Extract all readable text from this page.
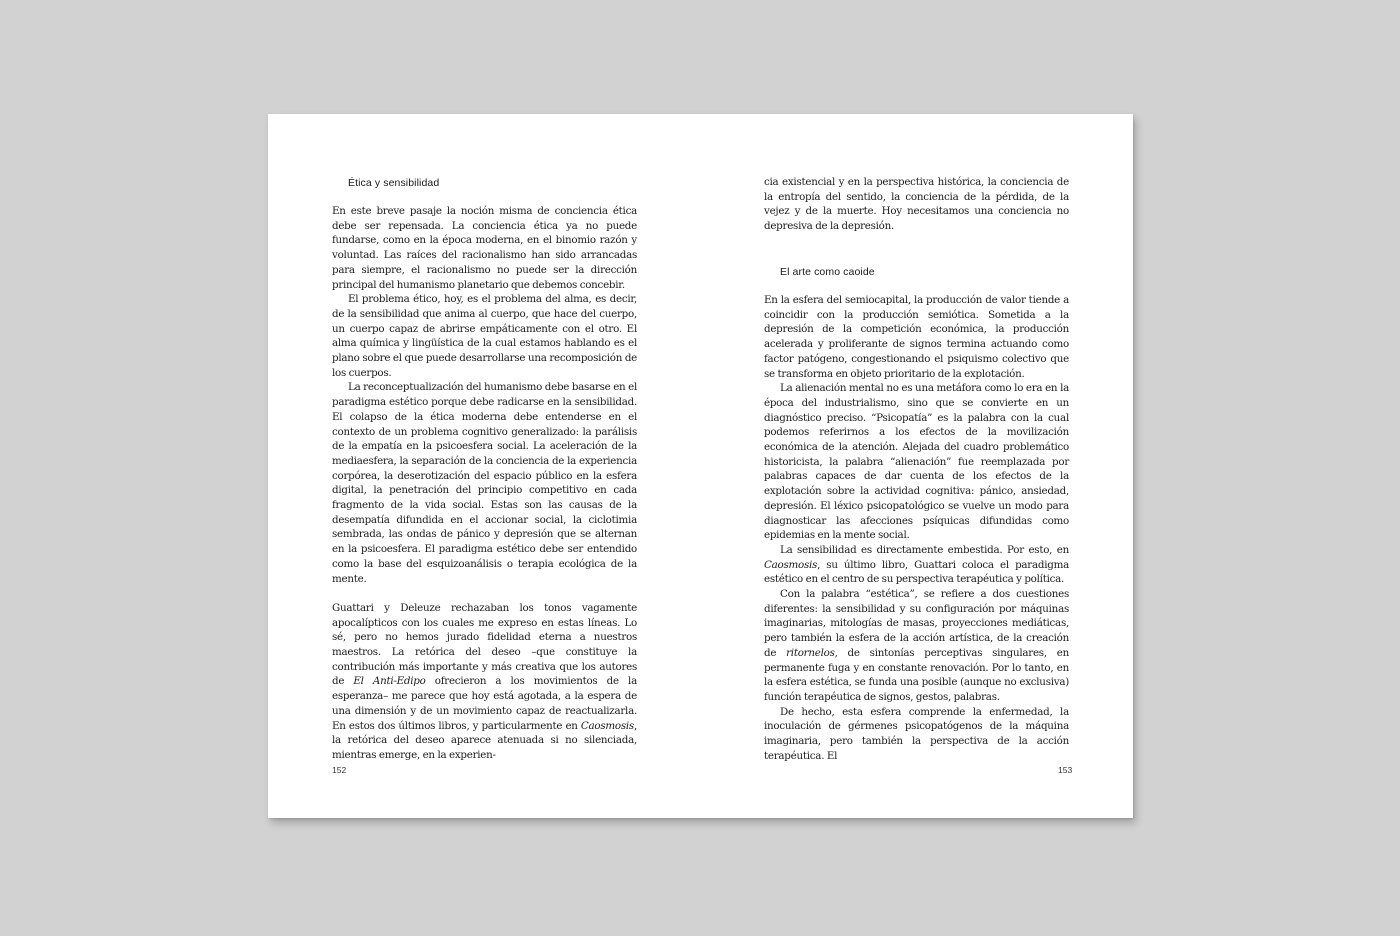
Ética y sensibilidad

En este breve pasaje la noción misma de conciencia ética debe ser repensada. La conciencia ética ya no puede fundarse, como en la época moderna, en el binomio razón y voluntad. Las raíces del racionalismo han sido arrancadas para siempre, el racionalismo no puede ser la dirección principal del humanismo planetario que debemos concebir.

El problema ético, hoy, es el problema del alma, es decir, de la sensibilidad que anima al cuerpo, que hace del cuerpo, un cuerpo capaz de abrirse empáticamente con el otro. El alma química y lingüística de la cual estamos hablando es el plano sobre el que puede desarrollarse una recomposición de los cuerpos.

La reconceptualización del humanismo debe basarse en el paradigma estético porque debe radicarse en la sensibilidad. El colapso de la ética moderna debe entenderse en el contexto de un problema cognitivo generalizado: la parálisis de la empatía en la psicoesfera social. La aceleración de la mediaesfera, la separación de la conciencia de la experiencia corpórea, la deserotización del espacio público en la esfera digital, la penetración del principio competitivo en cada fragmento de la vida social. Estas son las causas de la desempatía difundida en el accionar social, la ciclotimia sembrada, las ondas de pánico y depresión que se alternan en la psicoesfera. El paradigma estético debe ser entendido como la base del esquizoanálisis o terapia ecológica de la mente.

Guattari y Deleuze rechazaban los tonos vagamente apocalípticos con los cuales me expreso en estas líneas. Lo sé, pero no hemos jurado fidelidad eterna a nuestros maestros. La retórica del deseo –que constituye la contribución más importante y más creativa que los autores de El Anti-Edipo ofrecieron a los movimientos de la esperanza– me parece que hoy está agotada, a la espera de una dimensión y de un movimiento capaz de reactualizarla. En estos dos últimos libros, y particularmente en Caosmosis, la retórica del deseo aparece atenuada si no silenciada, mientras emerge, en la experien-

152

cia existencial y en la perspectiva histórica, la conciencia de la entropía del sentido, la conciencia de la pérdida, de la vejez y de la muerte. Hoy necesitamos una conciencia no depresiva de la depresión.

El arte como caoide

En la esfera del semiocapital, la producción de valor tiende a coincidir con la producción semiótica. Sometida a la depresión de la competición económica, la producción acelerada y proliferante de signos termina actuando como factor patógeno, congestionando el psiquismo colectivo que se transforma en objeto prioritario de la explotación.

La alienación mental no es una metáfora como lo era en la época del industrialismo, sino que se convierte en un diagnóstico preciso. “Psicopatía” es la palabra con la cual podemos referirnos a los efectos de la movilización económica de la atención. Alejada del cuadro problemático historicista, la palabra “alienación” fue reemplazada por palabras capaces de dar cuenta de los efectos de la explotación sobre la actividad cognitiva: pánico, ansiedad, depresión. El léxico psicopatológico se vuelve un modo para diagnosticar las afecciones psíquicas difundidas como epidemias en la mente social.

La sensibilidad es directamente embestida. Por esto, en Caosmosis, su último libro, Guattari coloca el paradigma estético en el centro de su perspectiva terapéutica y política.

Con la palabra “estética”, se refiere a dos cuestiones diferentes: la sensibilidad y su configuración por máquinas imaginarias, mitologías de masas, proyecciones mediáticas, pero también la esfera de la acción artística, de la creación de ritornelos, de sintonías perceptivas singulares, en permanente fuga y en constante renovación. Por lo tanto, en la esfera estética, se funda una posible (aunque no exclusiva) función terapéutica de signos, gestos, palabras.

De hecho, esta esfera comprende la enfermedad, la inoculación de gérmenes psicopatógenos de la máquina imaginaria, pero también la perspectiva de la acción terapéutica. El

153
